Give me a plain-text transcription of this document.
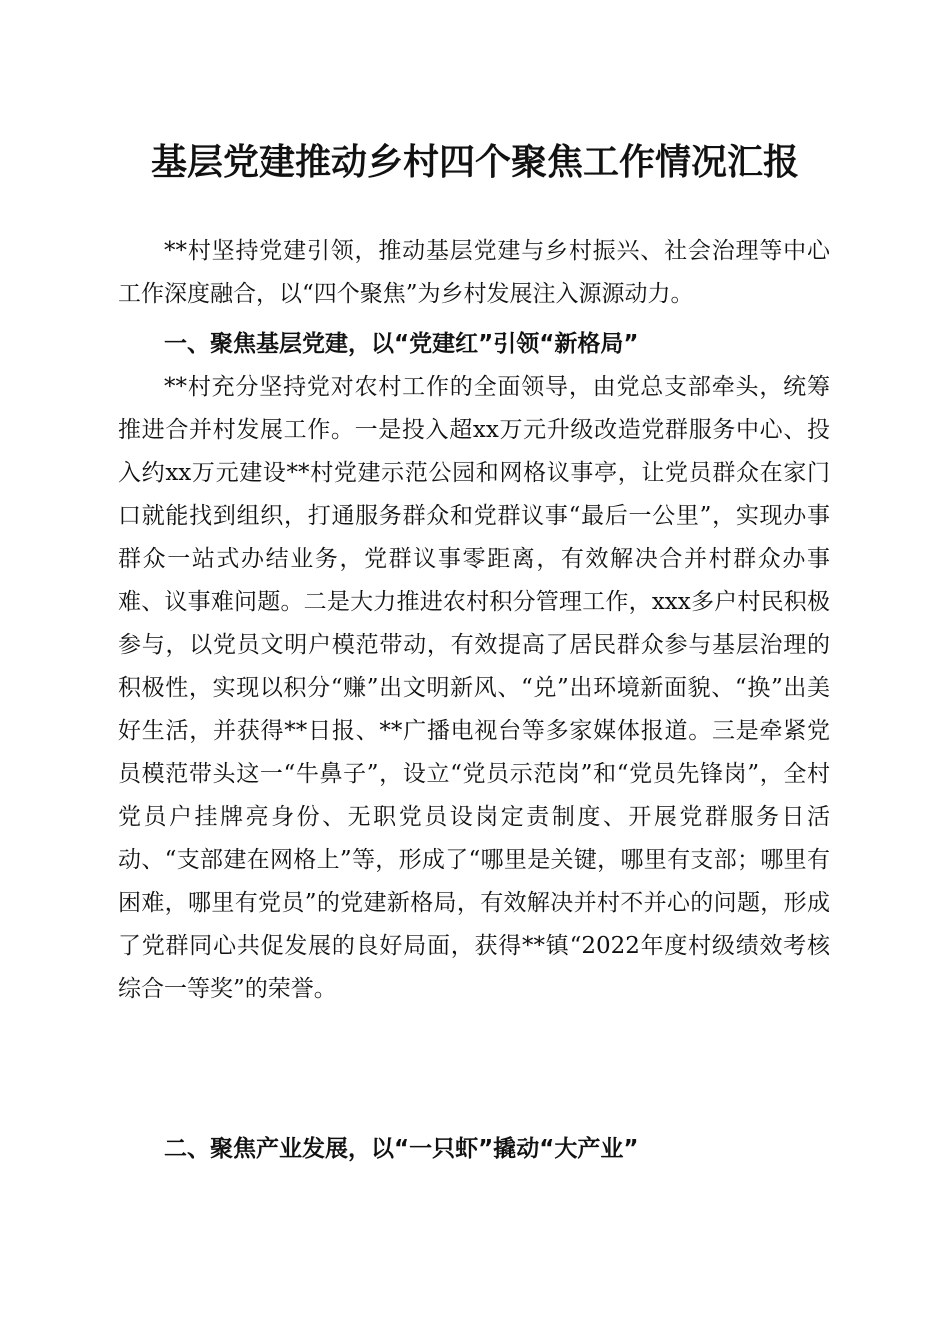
基层党建推动乡村四个聚焦工作情况汇报

**村坚持党建引领，推动基层党建与乡村振兴、社会治理等中心工作深度融合，以“四个聚焦”为乡村发展注入源源动力。

一、聚焦基层党建，以“党建红”引领“新格局”

**村充分坚持党对农村工作的全面领导，由党总支部牵头，统筹推进合并村发展工作。一是投入超xx万元升级改造党群服务中心、投入约xx万元建设**村党建示范公园和网格议事亭，让党员群众在家门口就能找到组织，打通服务群众和党群议事“最后一公里”，实现办事群众一站式办结业务，党群议事零距离，有效解决合并村群众办事难、议事难问题。二是大力推进农村积分管理工作，xxx多户村民积极参与，以党员文明户模范带动，有效提高了居民群众参与基层治理的积极性，实现以积分“赚”出文明新风、“兑”出环境新面貌、“换”出美好生活，并获得**日报、**广播电视台等多家媒体报道。三是牵紧党员模范带头这一“牛鼻子”，设立“党员示范岗”和“党员先锋岗”，全村党员户挂牌亮身份、无职党员设岗定责制度、开展党群服务日活动、“支部建在网格上”等，形成了“哪里是关键，哪里有支部；哪里有困难，哪里有党员”的党建新格局，有效解决并村不并心的问题，形成了党群同心共促发展的良好局面，获得**镇“2022年度村级绩效考核综合一等奖”的荣誉。

二、聚焦产业发展，以“一只虾”撬动“大产业”
